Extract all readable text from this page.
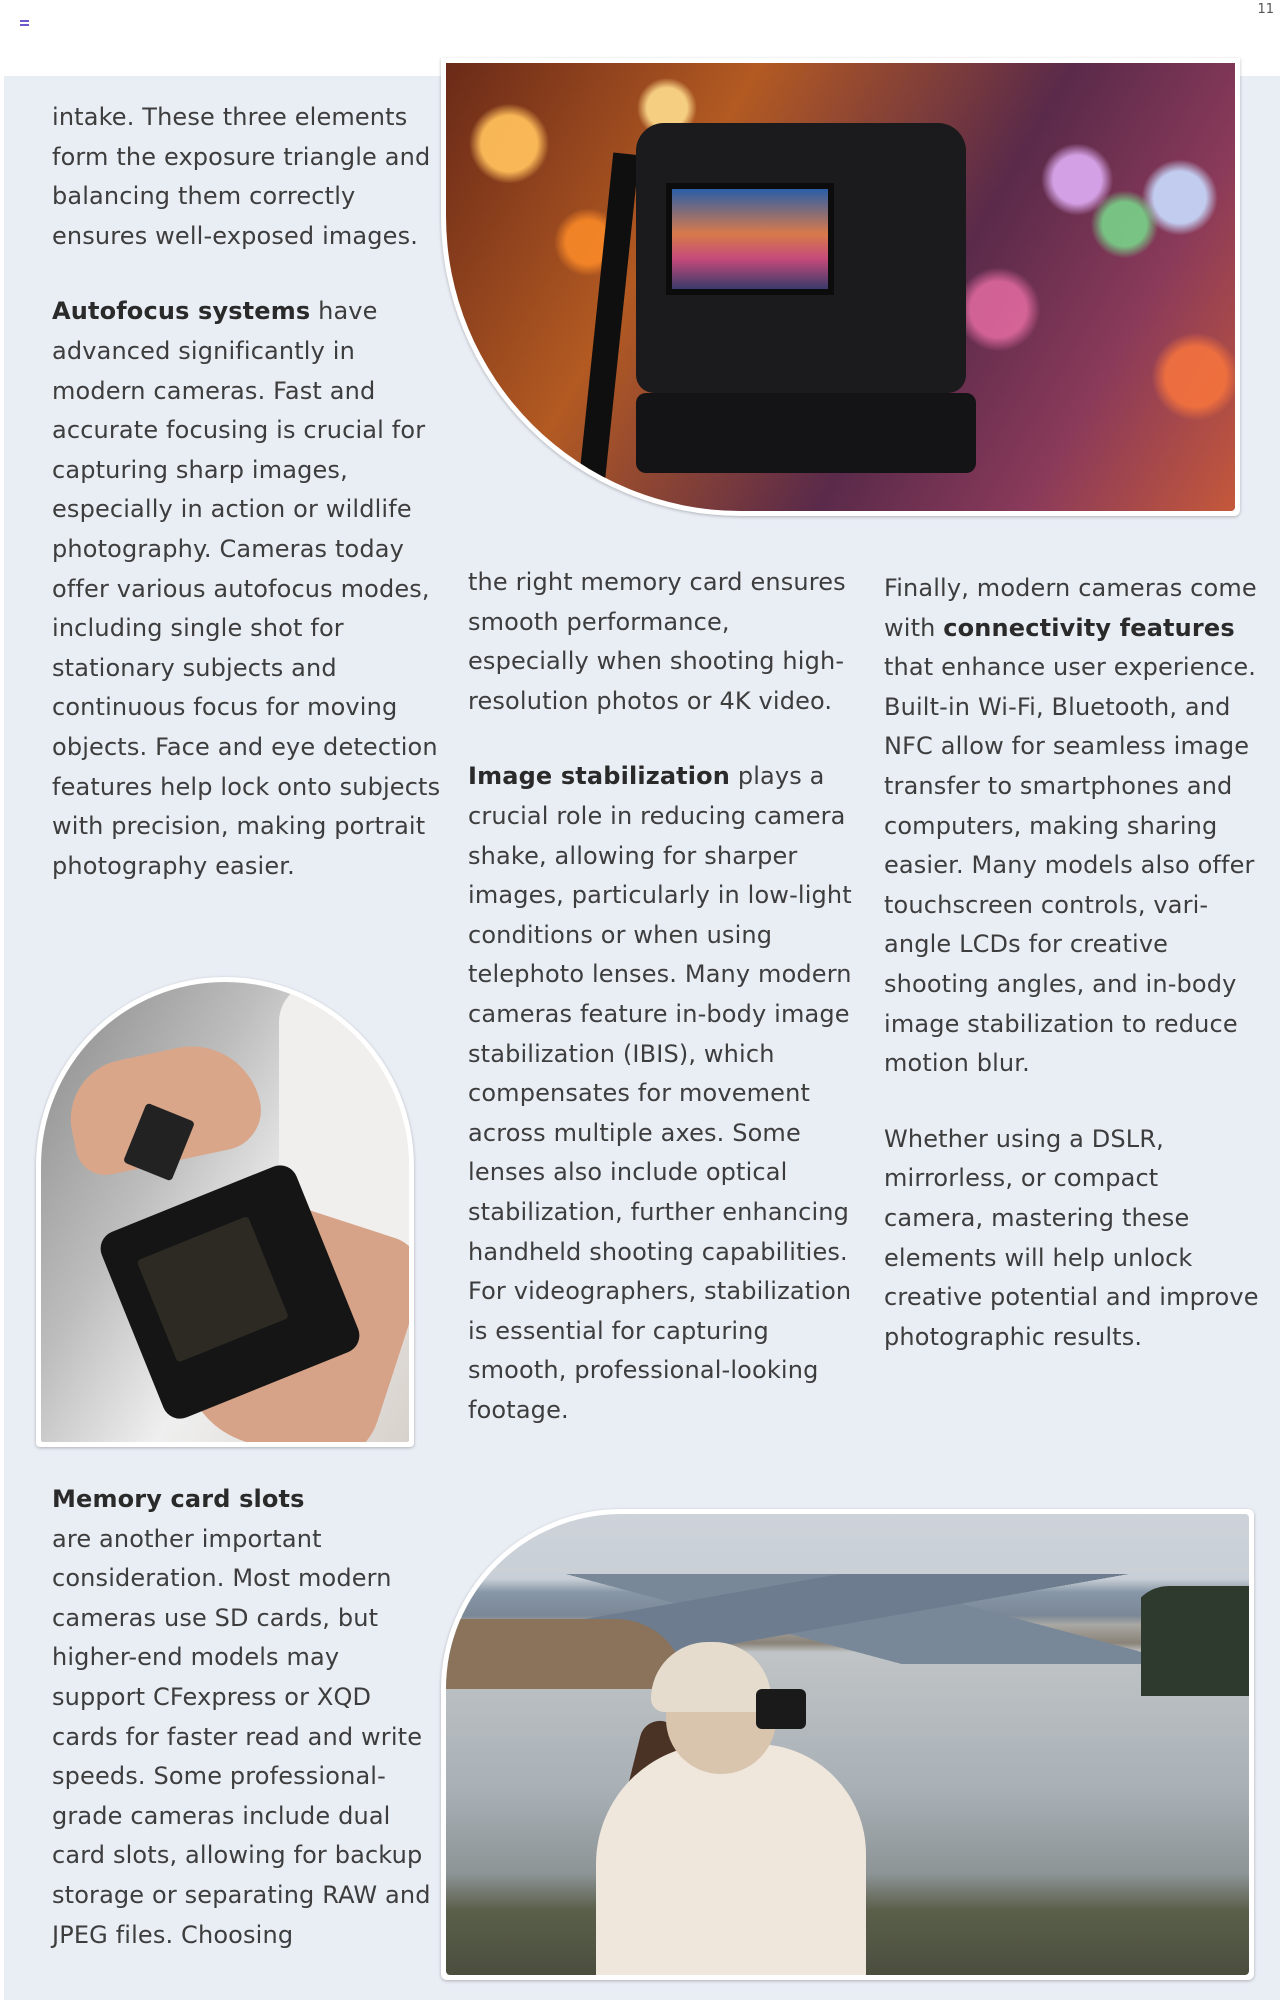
11

intake. These three elements form the exposure triangle and balancing them correctly ensures well-exposed images.

Autofocus systems have advanced significantly in modern cameras. Fast and accurate focusing is crucial for capturing sharp images, especially in action or wildlife photography. Cameras today offer various autofocus modes, including single shot for stationary subjects and continuous focus for moving objects. Face and eye detection features help lock onto subjects with precision, making portrait photography easier.

Memory card slots
are another important consideration. Most modern cameras use SD cards, but higher-end models may support CFexpress or XQD cards for faster read and write speeds. Some professional-grade cameras include dual card slots, allowing for backup storage or separating RAW and JPEG files. Choosing

the right memory card ensures smooth performance, especially when shooting high-resolution photos or 4K video.

Image stabilization plays a crucial role in reducing camera shake, allowing for sharper images, particularly in low-light conditions or when using telephoto lenses. Many modern cameras feature in-body image stabilization (IBIS), which compensates for movement across multiple axes. Some lenses also include optical stabilization, further enhancing handheld shooting capabilities. For videographers, stabilization is essential for capturing smooth, professional-looking footage.

Finally, modern cameras come with connectivity features that enhance user experience. Built-in Wi-Fi, Bluetooth, and NFC allow for seamless image transfer to smartphones and computers, making sharing easier. Many models also offer touchscreen controls, vari-angle LCDs for creative shooting angles, and in-body image stabilization to reduce motion blur.

Whether using a DSLR, mirrorless, or compact camera, mastering these elements will help unlock creative potential and improve photographic results.
